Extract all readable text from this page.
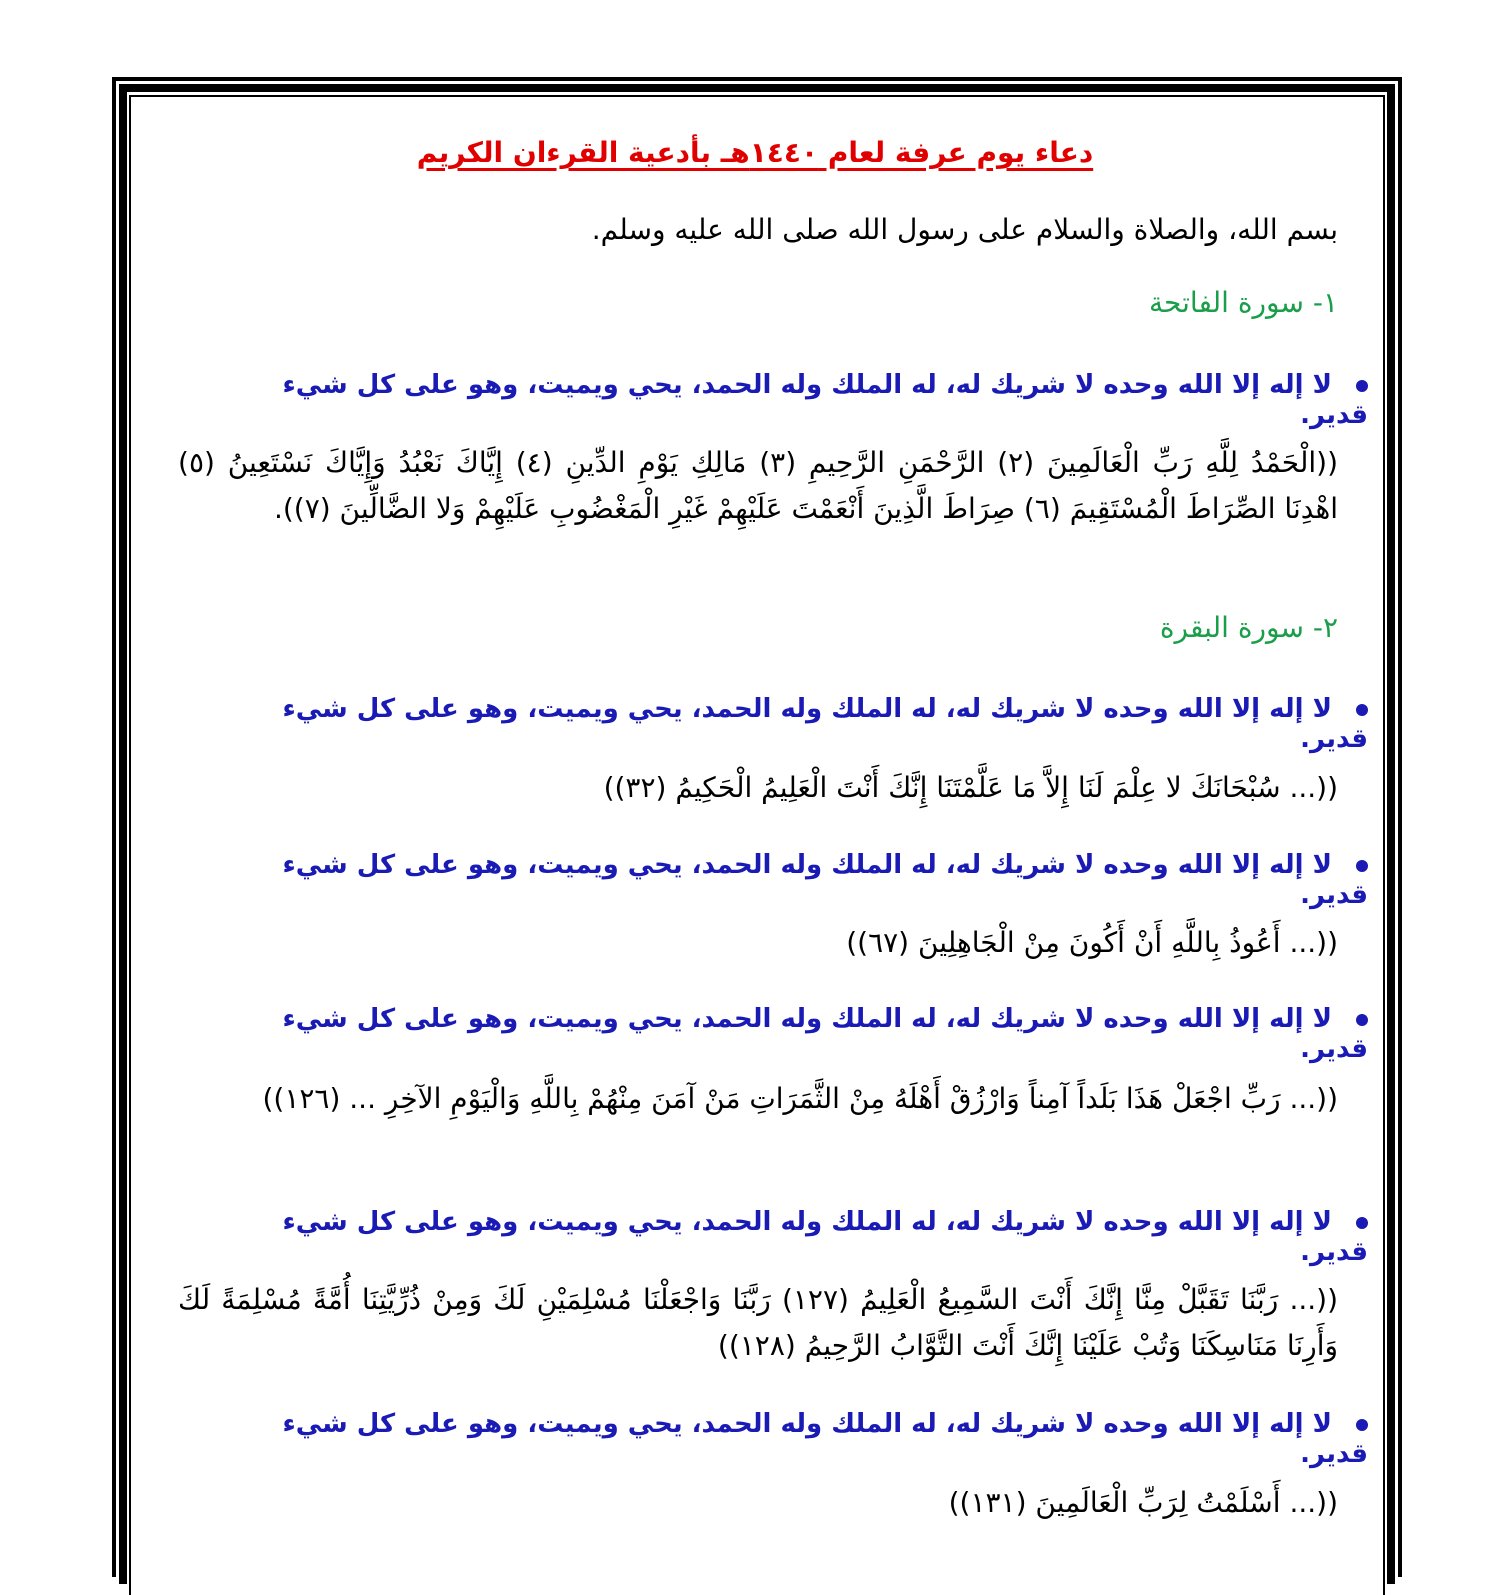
دعاء يوم عرفة لعام ١٤٤٠هـ بأدعية القرءان الكريم
بسم الله، والصلاة والسلام على رسول الله صلى الله عليه وسلم.
١- سورة الفاتحة
لا إله إلا الله وحده لا شريك له، له الملك وله الحمد، يحي ويميت، وهو على كل شيء قدير.
((الْحَمْدُ لِلَّهِ رَبِّ الْعَالَمِينَ (٢) الرَّحْمَنِ الرَّحِيمِ (٣) مَالِكِ يَوْمِ الدِّينِ (٤) إِيَّاكَ نَعْبُدُ وَإِيَّاكَ نَسْتَعِينُ (٥) اهْدِنَا الصِّرَاطَ الْمُسْتَقِيمَ (٦) صِرَاطَ الَّذِينَ أَنْعَمْتَ عَلَيْهِمْ غَيْرِ الْمَغْضُوبِ عَلَيْهِمْ وَلا الضَّالِّينَ (٧)).
٢- سورة البقرة
لا إله إلا الله وحده لا شريك له، له الملك وله الحمد، يحي ويميت، وهو على كل شيء قدير.
((... سُبْحَانَكَ لا عِلْمَ لَنَا إِلاَّ مَا عَلَّمْتَنَا إِنَّكَ أَنْتَ الْعَلِيمُ الْحَكِيمُ (٣٢))
لا إله إلا الله وحده لا شريك له، له الملك وله الحمد، يحي ويميت، وهو على كل شيء قدير.
((... أَعُوذُ بِاللَّهِ أَنْ أَكُونَ مِنْ الْجَاهِلِينَ (٦٧))
لا إله إلا الله وحده لا شريك له، له الملك وله الحمد، يحي ويميت، وهو على كل شيء قدير.
((... رَبِّ اجْعَلْ هَذَا بَلَداً آمِناً وَارْزُقْ أَهْلَهُ مِنْ الثَّمَرَاتِ مَنْ آمَنَ مِنْهُمْ بِاللَّهِ وَالْيَوْمِ الآخِرِ ... (١٢٦))
لا إله إلا الله وحده لا شريك له، له الملك وله الحمد، يحي ويميت، وهو على كل شيء قدير.
((... رَبَّنَا تَقَبَّلْ مِنَّا إِنَّكَ أَنْتَ السَّمِيعُ الْعَلِيمُ (١٢٧) رَبَّنَا وَاجْعَلْنَا مُسْلِمَيْنِ لَكَ وَمِنْ ذُرِّيَّتِنَا أُمَّةً مُسْلِمَةً لَكَ وَأَرِنَا مَنَاسِكَنَا وَتُبْ عَلَيْنَا إِنَّكَ أَنْتَ التَّوَّابُ الرَّحِيمُ (١٢٨))
لا إله إلا الله وحده لا شريك له، له الملك وله الحمد، يحي ويميت، وهو على كل شيء قدير.
((... أَسْلَمْتُ لِرَبِّ الْعَالَمِينَ (١٣١))
